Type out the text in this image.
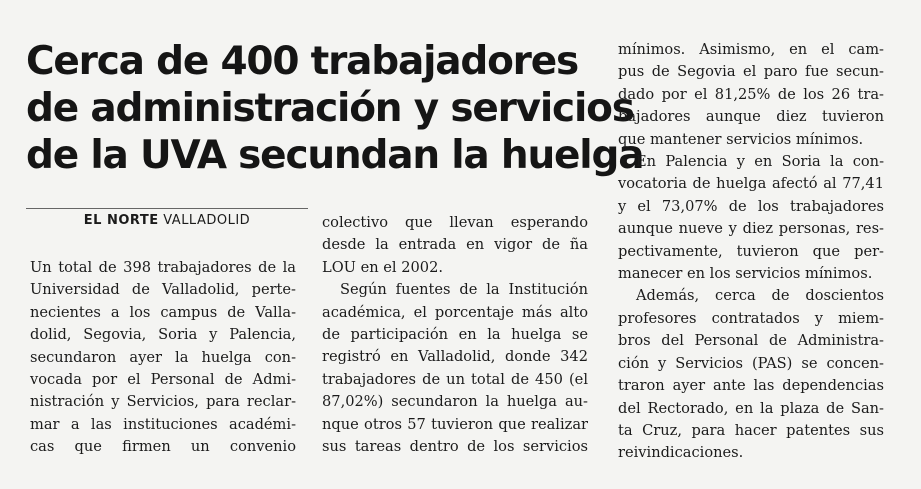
Cerca de 400 trabajadores
de administración y servicios
de la UVA secundan la huelga
EL NORTE VALLADOLID
Un total de 398 trabajadores de la
Universidad de Valladolid, perte-
necientes a los campus de Valla-
dolid, Segovia, Soria y Palencia,
secundaron ayer la huelga con-
vocada por el Personal de Admi-
nistración y Servicios, para reclar-
mar a las instituciones académi-
cas que firmen un convenio
colectivo que llevan esperando
desde la entrada en vigor de ña
LOU en el 2002.
Según fuentes de la Institución
académica, el porcentaje más alto
de participación en la huelga se
registró en Valladolid, donde 342
trabajadores de un total de 450 (el
87,02%) secundaron la huelga au-
nque otros 57 tuvieron que realizar
sus tareas dentro de los servicios
mínimos. Asimismo, en el cam-
pus de Segovia el paro fue secun-
dado por el 81,25% de los 26 tra-
bajadores aunque diez tuvieron
que mantener servicios mínimos.
En Palencia y en Soria la con-
vocatoria de huelga afectó al 77,41
y el 73,07% de los trabajadores
aunque nueve y diez personas, res-
pectivamente, tuvieron que per-
manecer en los servicios mínimos.
Además, cerca de doscientos
profesores contratados y miem-
bros del Personal de Administra-
ción y Servicios (PAS) se concen-
traron ayer ante las dependencias
del Rectorado, en la plaza de San-
ta Cruz, para hacer patentes sus
reivindicaciones.
